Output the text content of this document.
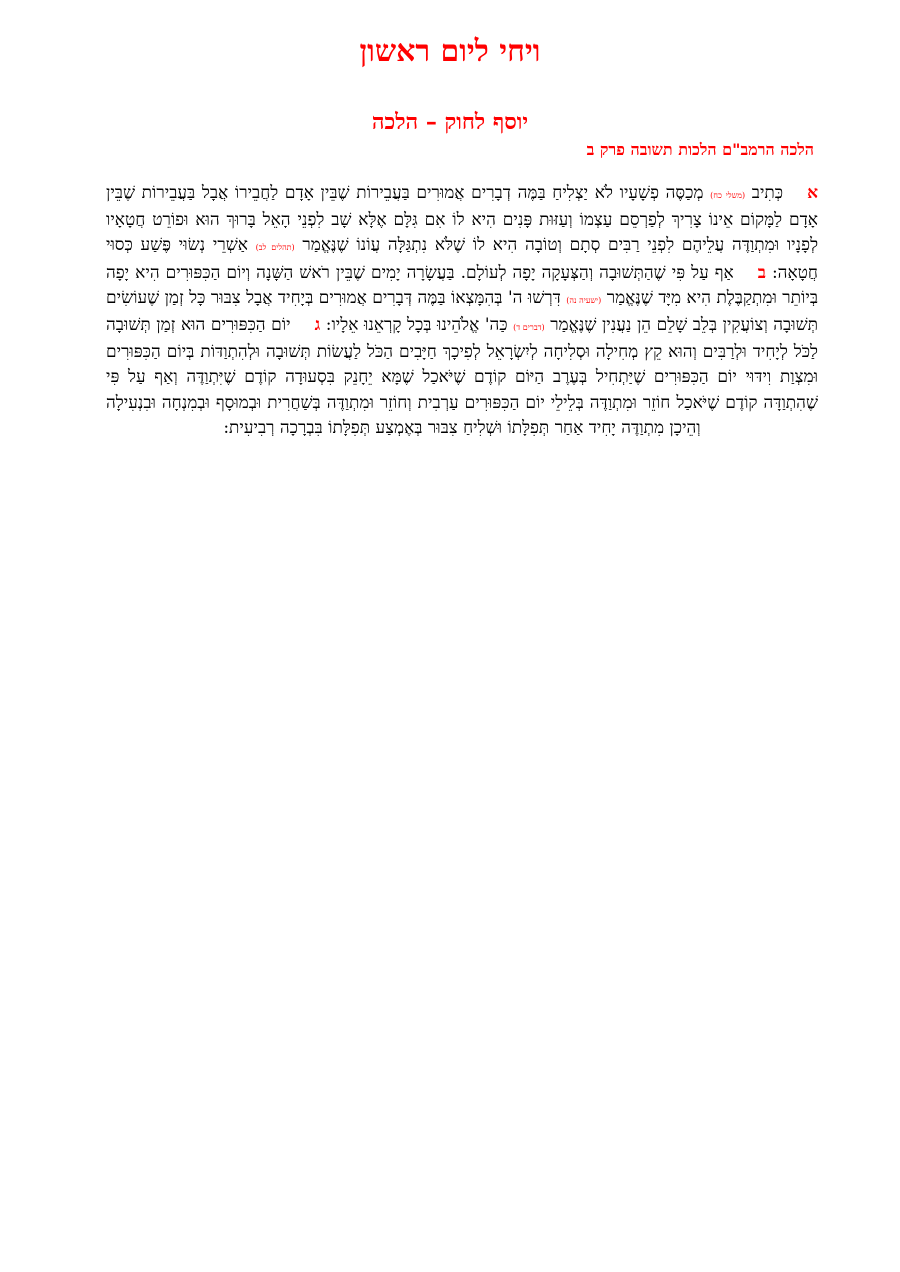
ויחי ליום ראשון
יוסף לחוק – הלכה
הלכה הרמב"ם הלכות תשובה פרק ב
אכְּתִיב (משלי כח) מְכַסֶּה פְשָׁעָיו לֹא יַצְלִיחַ בַּמֶּה דְבָרִים אֲמוּרִים בַּעֲבֵירוֹת שֶׁבֵּין אָדָם לַחֲבֵירוֹ אֲבָל בַּעֲבֵירוֹת שֶׁבֵּין אָדָם לַמָּקוֹם אֵינוֹ צָרִיךְ לְפַרְסֵם עַצְמוֹ וְעַזּוּת פָּנִים הִיא לוֹ אִם גִּלָּם אֶלָּא שָׁב לִפְנֵי הָאֵל בָּרוּךְ הוּא וּפוֹרֵט חֲטָאָיו לְפָנָיו וּמִתְוַדֶּה עֲלֵיהֶם לִפְנֵי רַבִּים סְתָם וְטוֹבָה הִיא לוֹ שֶׁלֹּא נִתְגַּלָּה עֲוֹנוֹ שֶׁנֶּאֱמַר (תהלים לב) אַשְׁרֵי נְשׂוּי פֶּשַׁע כְּסוּי חֲטָאָה: באַף עַל פִּי שֶׁהַתְּשׁוּבָה וְהַצְּעָקָה יָפָה לְעוֹלָם. בַּעֲשָׂרָה יָמִים שֶׁבֵּין רֹאשׁ הַשָּׁנָה וְיוֹם הַכִּפּוּרִים הִיא יָפָה בְּיוֹתֵר וּמִתְקַבֶּלֶת הִיא מִיָּד שֶׁנֶּאֱמַר (ישעיה נה) דִּרְשׁוּ ה' בְּהִמָּצְאוֹ בַּמֶּה דְּבָרִים אֲמוּרִים בְּיָחִיד אֲבָל צִבּוּר כָּל זְמַן שֶׁעוֹשִׂים תְּשׁוּבָה וְצוֹעֲקִין בְּלֵב שָׁלֵם הֵן נַעֲנִין שֶׁנֶּאֱמַר (דברים ד) כַּה' אֱלֹהֵינוּ בְּכָל קָרְאֵנוּ אֵלָיו: גיוֹם הַכִּפּוּרִים הוּא זְמַן תְּשׁוּבָה לַכֹּל לְיָחִיד וּלְרַבִּים וְהוּא קֵץ מְחִילָה וּסְלִיחָה לְיִשְׂרָאֵל לְפִיכָךְ חַיָּבִים הַכֹּל לַעֲשׂוֹת תְּשׁוּבָה וּלְהִתְוַדּוֹת בְּיוֹם הַכִּפּוּרִים וּמִצְוַת וִידּוּי יוֹם הַכִּפּוּרִים שֶׁיַּתְחִיל בְּעֶרֶב הַיּוֹם קוֹדֶם שֶׁיֹּאכַל שֶׁמָּא יֵחָנֵק בִּסְעוּדָה קוֹדֶם שֶׁיִּתְוַדֶּה וְאַף עַל פִּי שֶׁהִתְוַדָּה קוֹדֶם שֶׁיֹּאכַל חוֹזֵר וּמִתְוַדֶּה בְּלֵילֵי יוֹם הַכִּפּוּרִים עַרְבִית וְחוֹזֵר וּמִתְוַדֶּה בְּשַׁחֲרִית וּבְמוּסָף וּבְמִנְחָה וּבִנְעִילָה וְהֵיכָן מִתְוַדֶּה יָחִיד אַחַר תְּפִלָּתוֹ וּשְׁלִיחַ צִבּוּר בְּאֶמְצַע תְּפִלָּתוֹ בִּבְרָכָה רְבִיעִית:
